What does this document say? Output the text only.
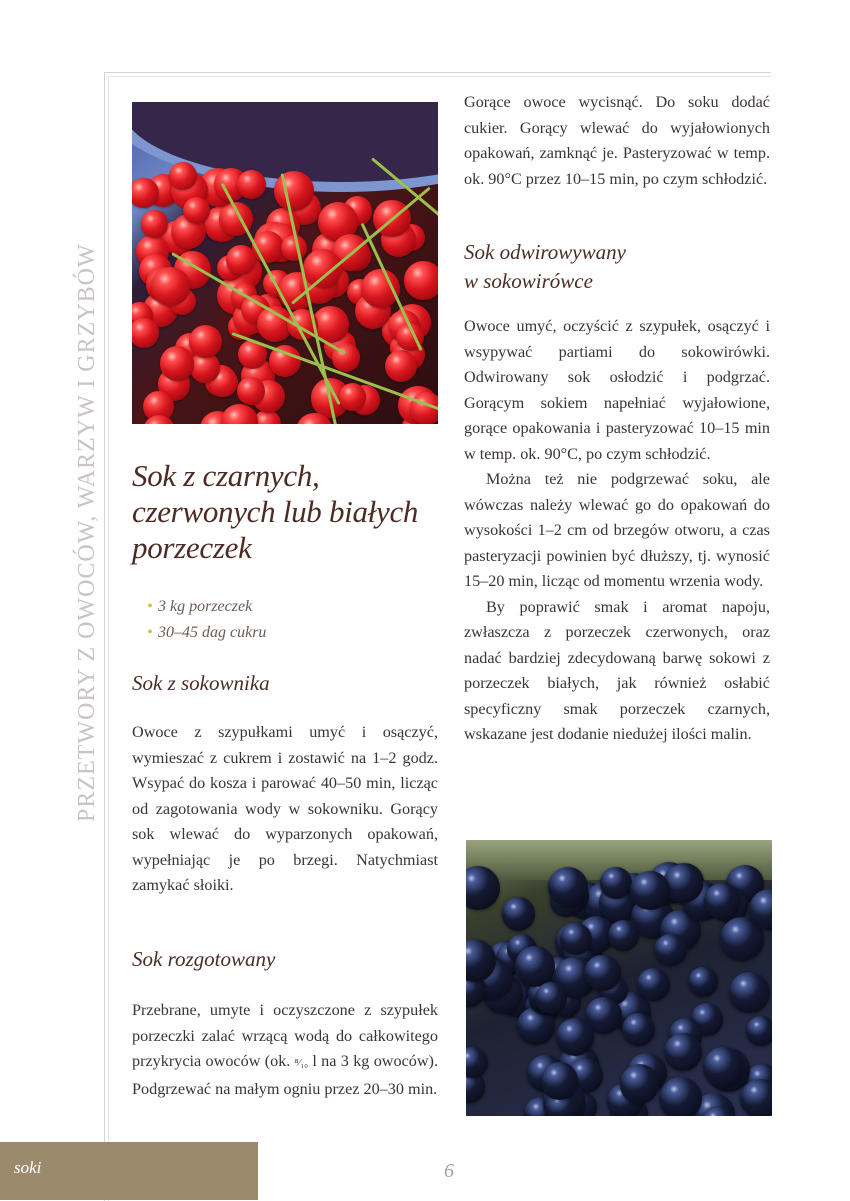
PRZETWORY Z OWOCÓW, WARZYW I GRZYBÓW Sok z czarnych, czerwonych lub białych porzeczek
• 3 kg porzeczek
• 30–45 dag cukru
Sok z sokownika

Owoce z szypułkami umyć i osączyć, wymieszać z cukrem i zostawić na 1–2 godz. Wsypać do kosza i parować 40–50 min, licząc od zagotowania wody w sokowniku. Gorący sok wlewać do wyparzonych opakowań, wypełniając je po brzegi. Natychmiast zamykać słoiki.

Sok rozgotowany

Przebrane, umyte i oczyszczone z szypułek porzeczki zalać wrzącą wodą do całkowitego przykrycia owoców (ok. ⁸⁄₁₀ l na 3 kg owoców). Podgrzewać na małym ogniu przez 20–30 min.

Gorące owoce wycisnąć. Do soku dodać cukier. Gorący wlewać do wyjałowionych opakowań, zamknąć je. Pasteryzować w temp. ok. 90°C przez 10–15 min, po czym schłodzić.

Sok odwirowywany
w sokowirówce

Owoce umyć, oczyścić z szypułek, osączyć i wsypywać partiami do sokowirówki. Odwirowany sok osłodzić i podgrzać. Gorącym sokiem napełniać wyjałowione, gorące opakowania i pasteryzować 10–15 min w temp. ok. 90°C, po czym schłodzić.

Można też nie podgrzewać soku, ale wówczas należy wlewać go do opakowań do wysokości 1–2 cm od brzegów otworu, a czas pasteryzacji powinien być dłuższy, tj. wynosić 15–20 min, licząc od momentu wrzenia wody.

By poprawić smak i aromat napoju, zwłaszcza z porzeczek czerwonych, oraz nadać bardziej zdecydowaną barwę sokowi z porzeczek białych, jak również osłabić specyficzny smak porzeczek czarnych, wskazane jest dodanie niedużej ilości malin.

soki	6
